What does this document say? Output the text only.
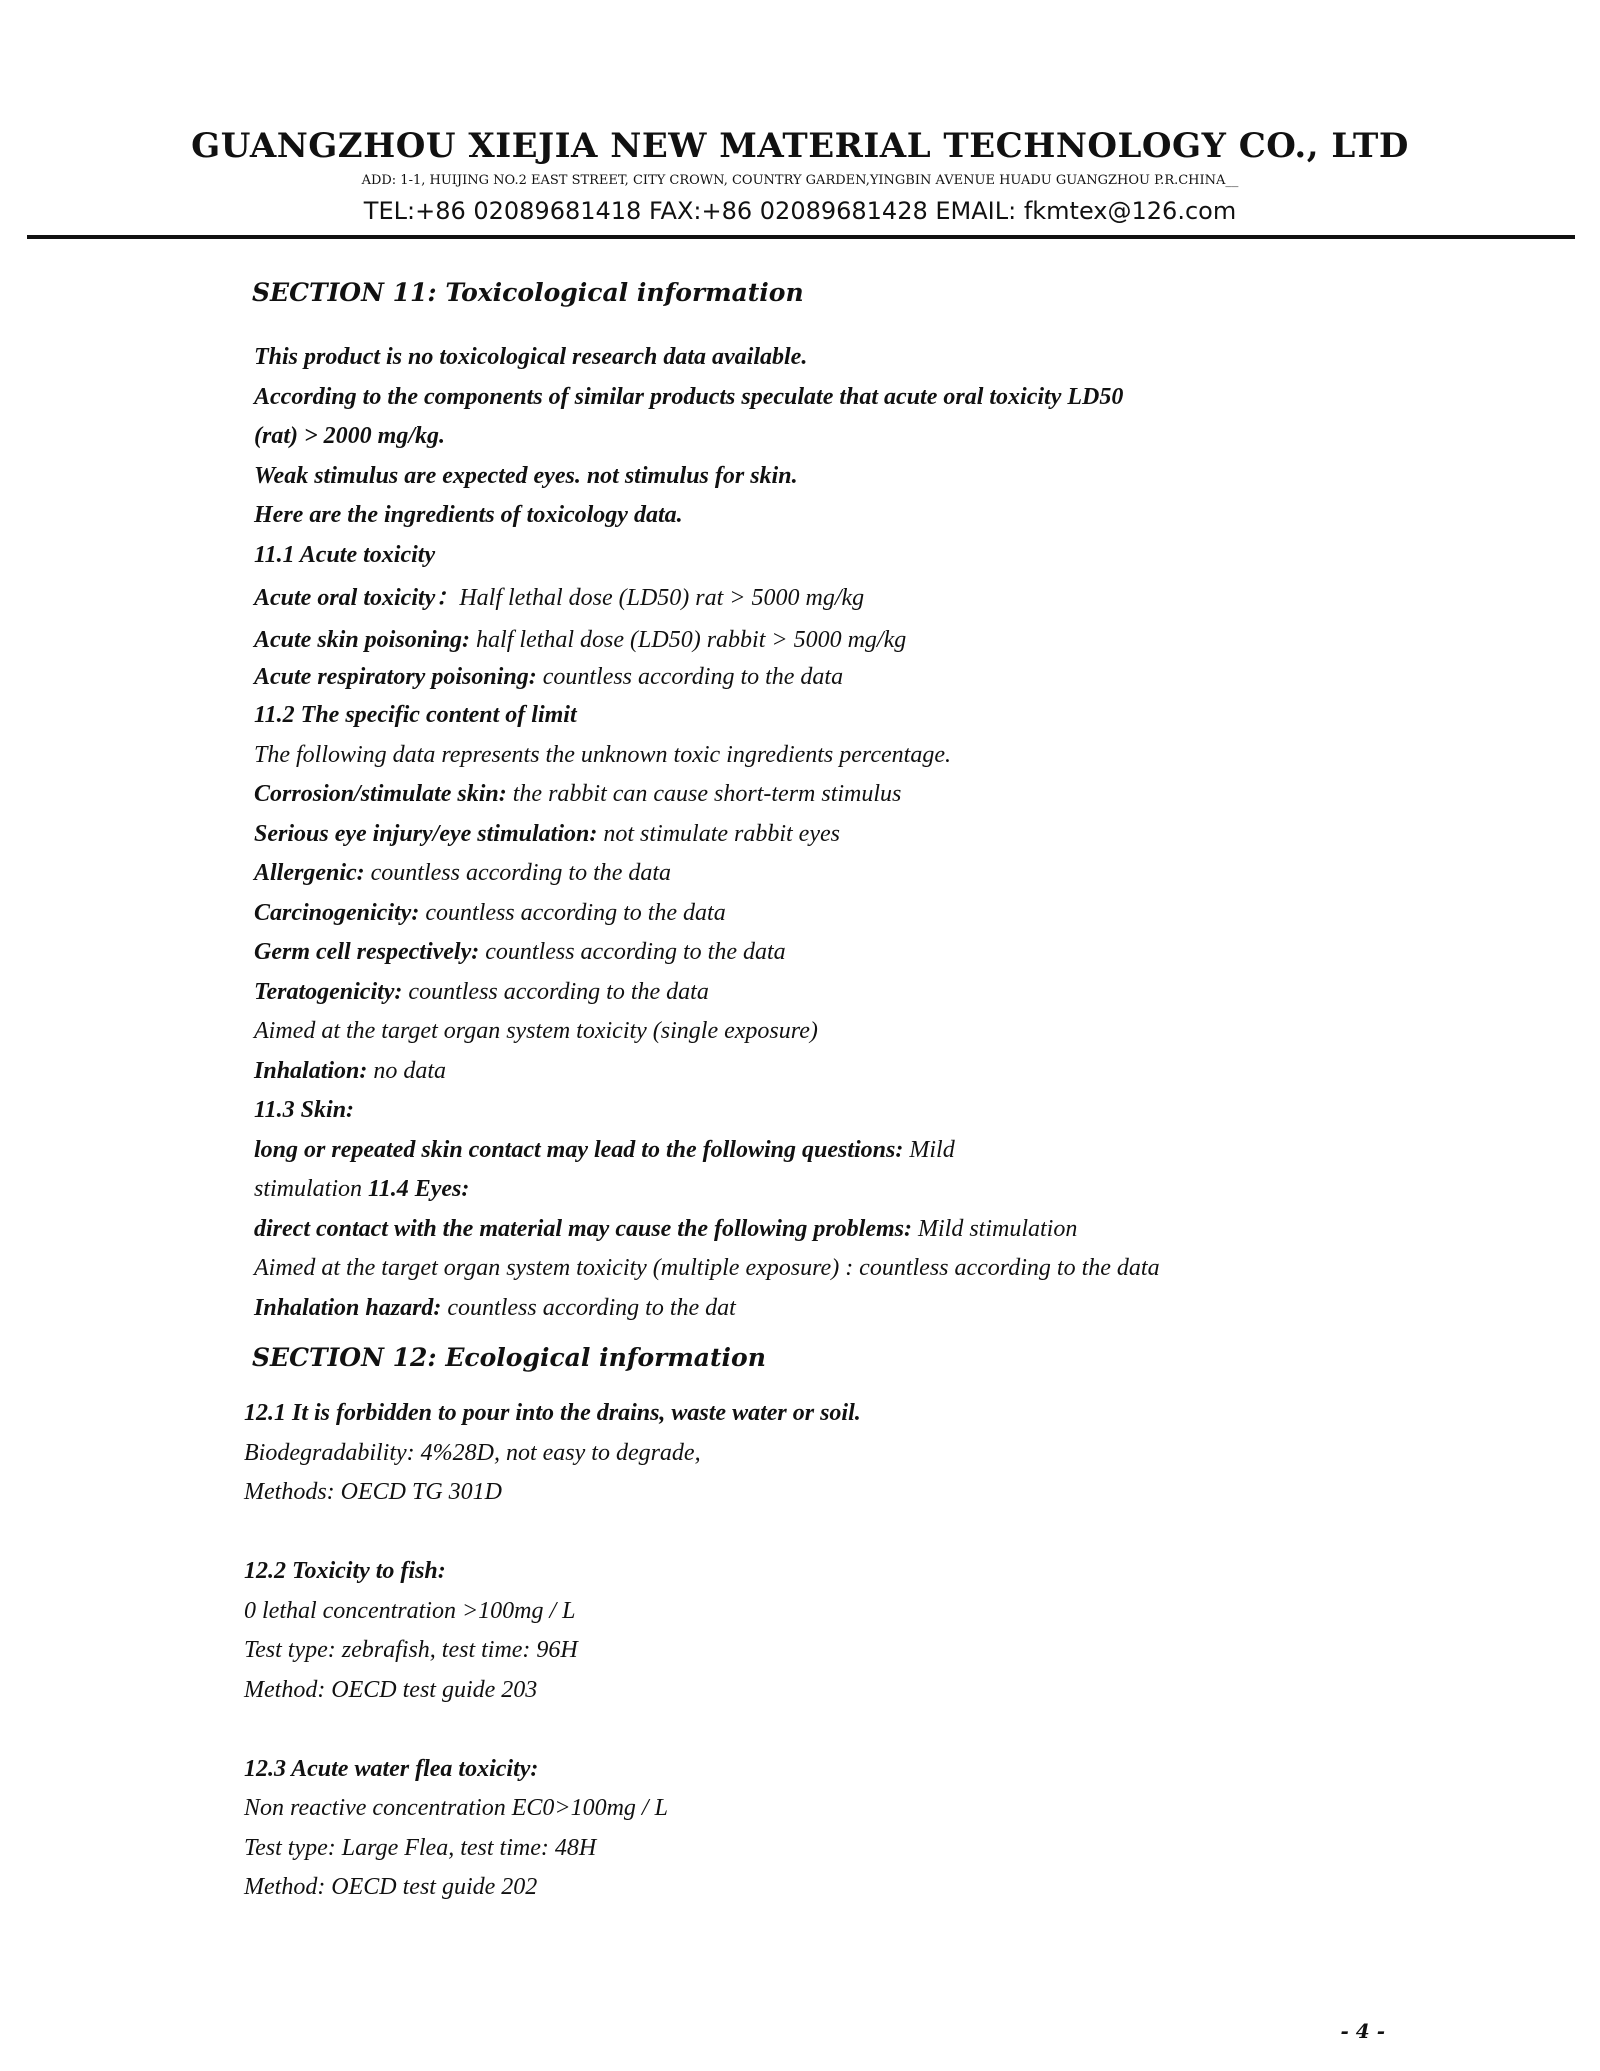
GUANGZHOU XIEJIA NEW MATERIAL TECHNOLOGY CO., LTD
ADD: 1-1, HUIJING NO.2 EAST STREET, CITY CROWN, COUNTRY GARDEN,YINGBIN AVENUE HUADU GUANGZHOU P.R.CHINA__
TEL:+86 02089681418 FAX:+86 02089681428 EMAIL: fkmtex@126.com
SECTION 11: Toxicological information
This product is no toxicological research data available.
According to the components of similar products speculate that acute oral toxicity LD50
(rat) > 2000 mg/kg.
Weak stimulus are expected eyes. not stimulus for skin.
Here are the ingredients of toxicology data.
11.1 Acute toxicity
Acute oral toxicity：Half lethal dose (LD50) rat > 5000 mg/kg
Acute skin poisoning: half lethal dose (LD50) rabbit > 5000 mg/kg
Acute respiratory poisoning: countless according to the data
11.2 The specific content of limit
The following data represents the unknown toxic ingredients percentage.
Corrosion/stimulate skin: the rabbit can cause short-term stimulus
Serious eye injury/eye stimulation: not stimulate rabbit eyes
Allergenic: countless according to the data
Carcinogenicity: countless according to the data
Germ cell respectively: countless according to the data
Teratogenicity: countless according to the data
Aimed at the target organ system toxicity (single exposure)
Inhalation: no data
11.3 Skin:
long or repeated skin contact may lead to the following questions: Mild
stimulation 11.4 Eyes:
direct contact with the material may cause the following problems: Mild stimulation
Aimed at the target organ system toxicity (multiple exposure) : countless according to the data
Inhalation hazard: countless according to the dat
SECTION 12: Ecological information
12.1 It is forbidden to pour into the drains, waste water or soil.
Biodegradability: 4%28D, not easy to degrade,
Methods: OECD TG 301D
12.2 Toxicity to fish:
0 lethal concentration >100mg / L
Test type: zebrafish, test time: 96H
Method: OECD test guide 203
12.3 Acute water flea toxicity:
Non reactive concentration EC0>100mg / L
Test type: Large Flea, test time: 48H
Method: OECD test guide 202
- 4 -
